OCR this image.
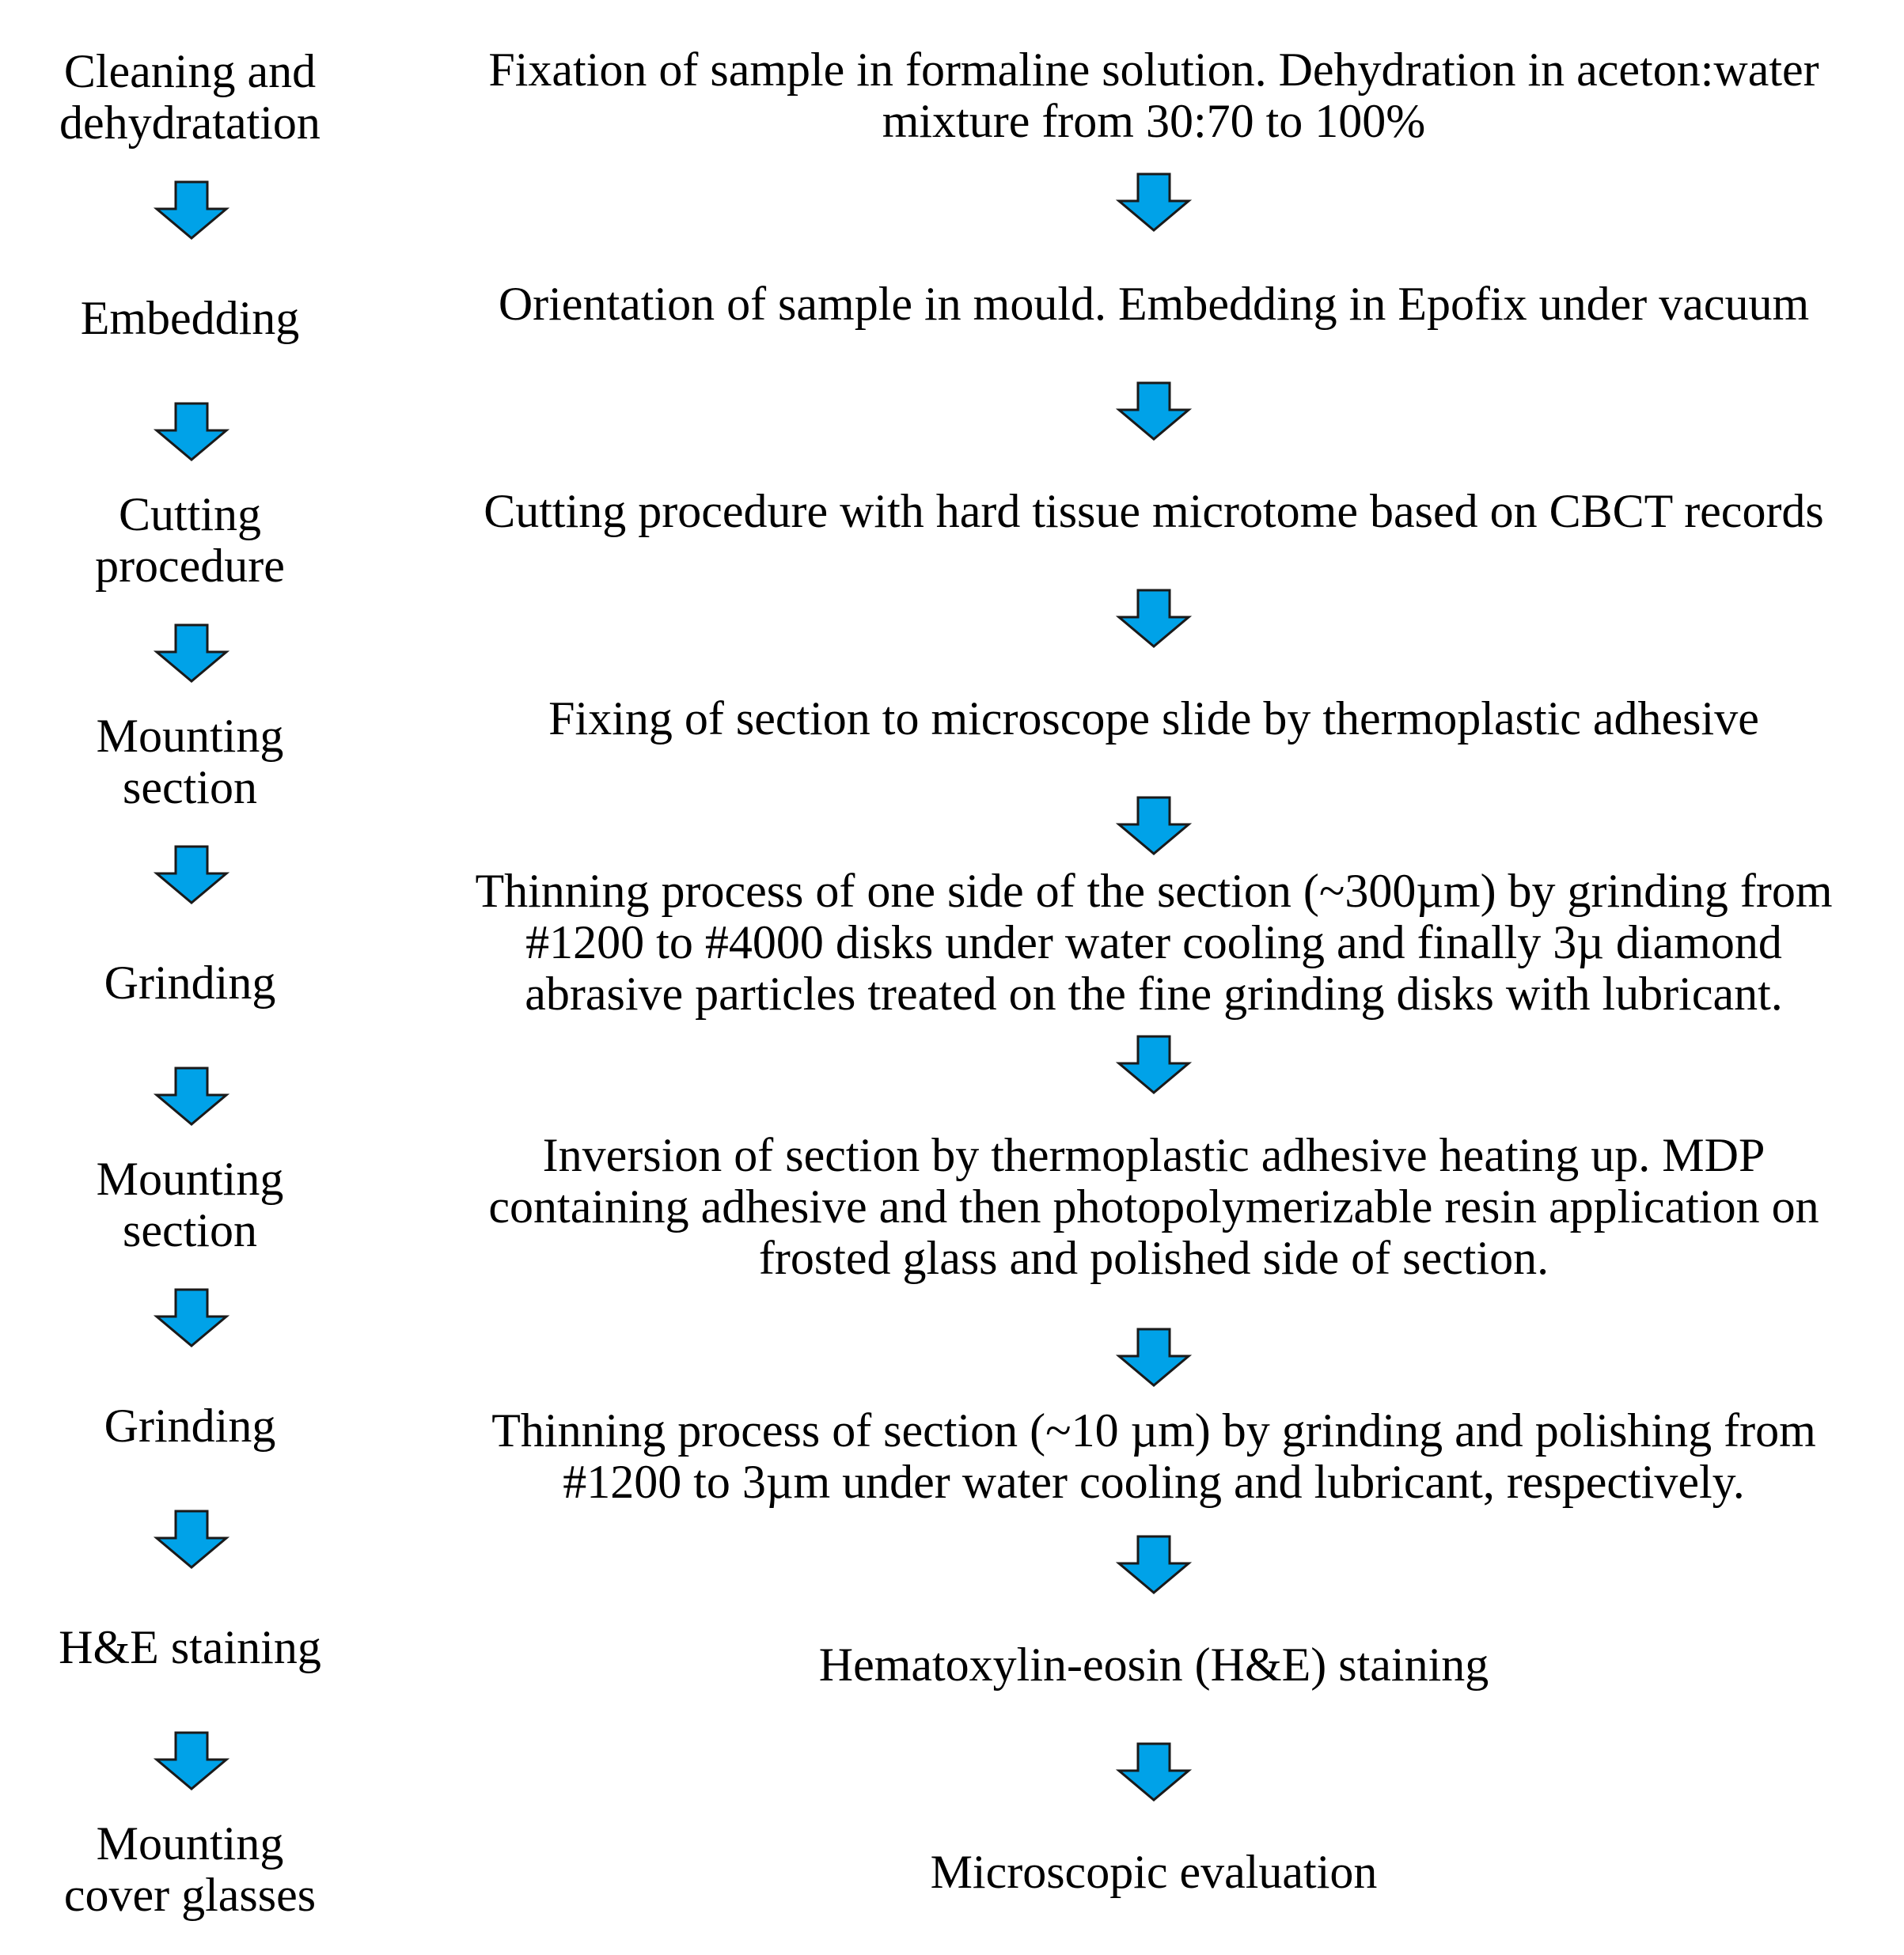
Cleaning and
dehydratation
Embedding
Cutting
procedure
Mounting
section
Grinding
Mounting
section
Grinding
H&E staining
Mounting
cover glasses
Fixation of sample in formaline solution. Dehydration in aceton:water
mixture from 30:70 to 100%
Orientation of sample in mould. Embedding in Epofix under vacuum
Cutting procedure with hard tissue microtome based on CBCT records
Fixing of section to microscope slide by thermoplastic adhesive
Thinning process of one side of the section (~300µm) by grinding from
#1200 to #4000 disks under water cooling and finally 3µ diamond
abrasive particles treated on the fine grinding disks with lubricant.
Inversion of section by thermoplastic adhesive heating up. MDP
containing adhesive and then photopolymerizable resin application on
frosted glass and polished side of section.
Thinning process of section (~10 µm) by grinding and polishing from
#1200 to 3µm under water cooling and lubricant, respectively.
Hematoxylin-eosin (H&E) staining
Microscopic evaluation
